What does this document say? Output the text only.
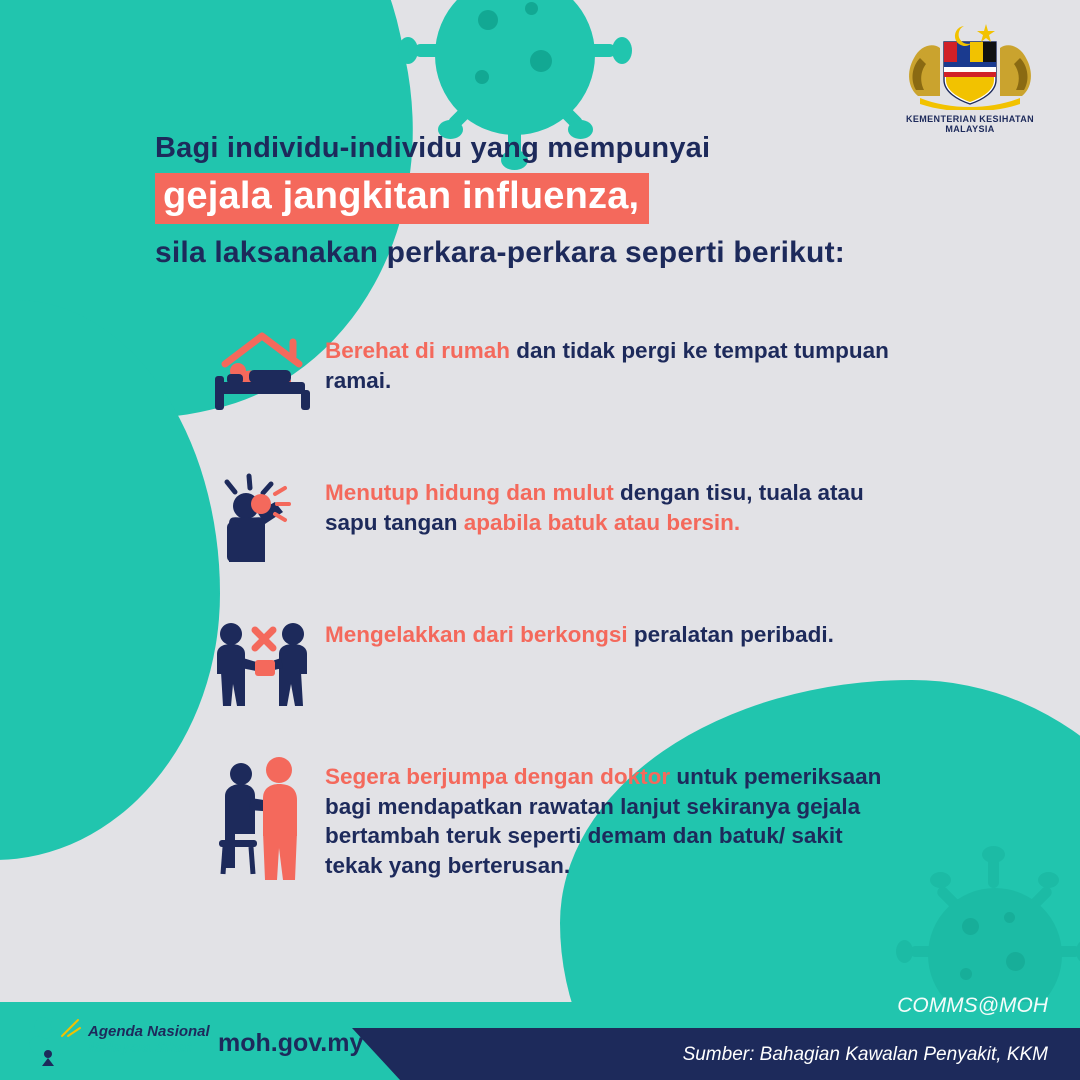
KEMENTERIAN KESIHATAN MALAYSIA
Bagi individu-individu yang mempunyai
gejala jangkitan influenza,
sila laksanakan perkara-perkara seperti berikut:
Berehat di rumah dan tidak pergi ke tempat tumpuan ramai.
Menutup hidung dan mulut dengan tisu, tuala atau sapu tangan apabila batuk atau bersin.
Mengelakkan dari berkongsi peralatan peribadi.
Segera berjumpa dengan doktor untuk pemeriksaan bagi mendapatkan rawatan lanjut sekiranya gejala bertambah teruk seperti demam dan batuk/ sakit tekak yang berterusan.
Agenda Nasional
Malaysia Sihat	moh.gov.my
COMMS@MOH
Sumber: Bahagian Kawalan Penyakit, KKM
